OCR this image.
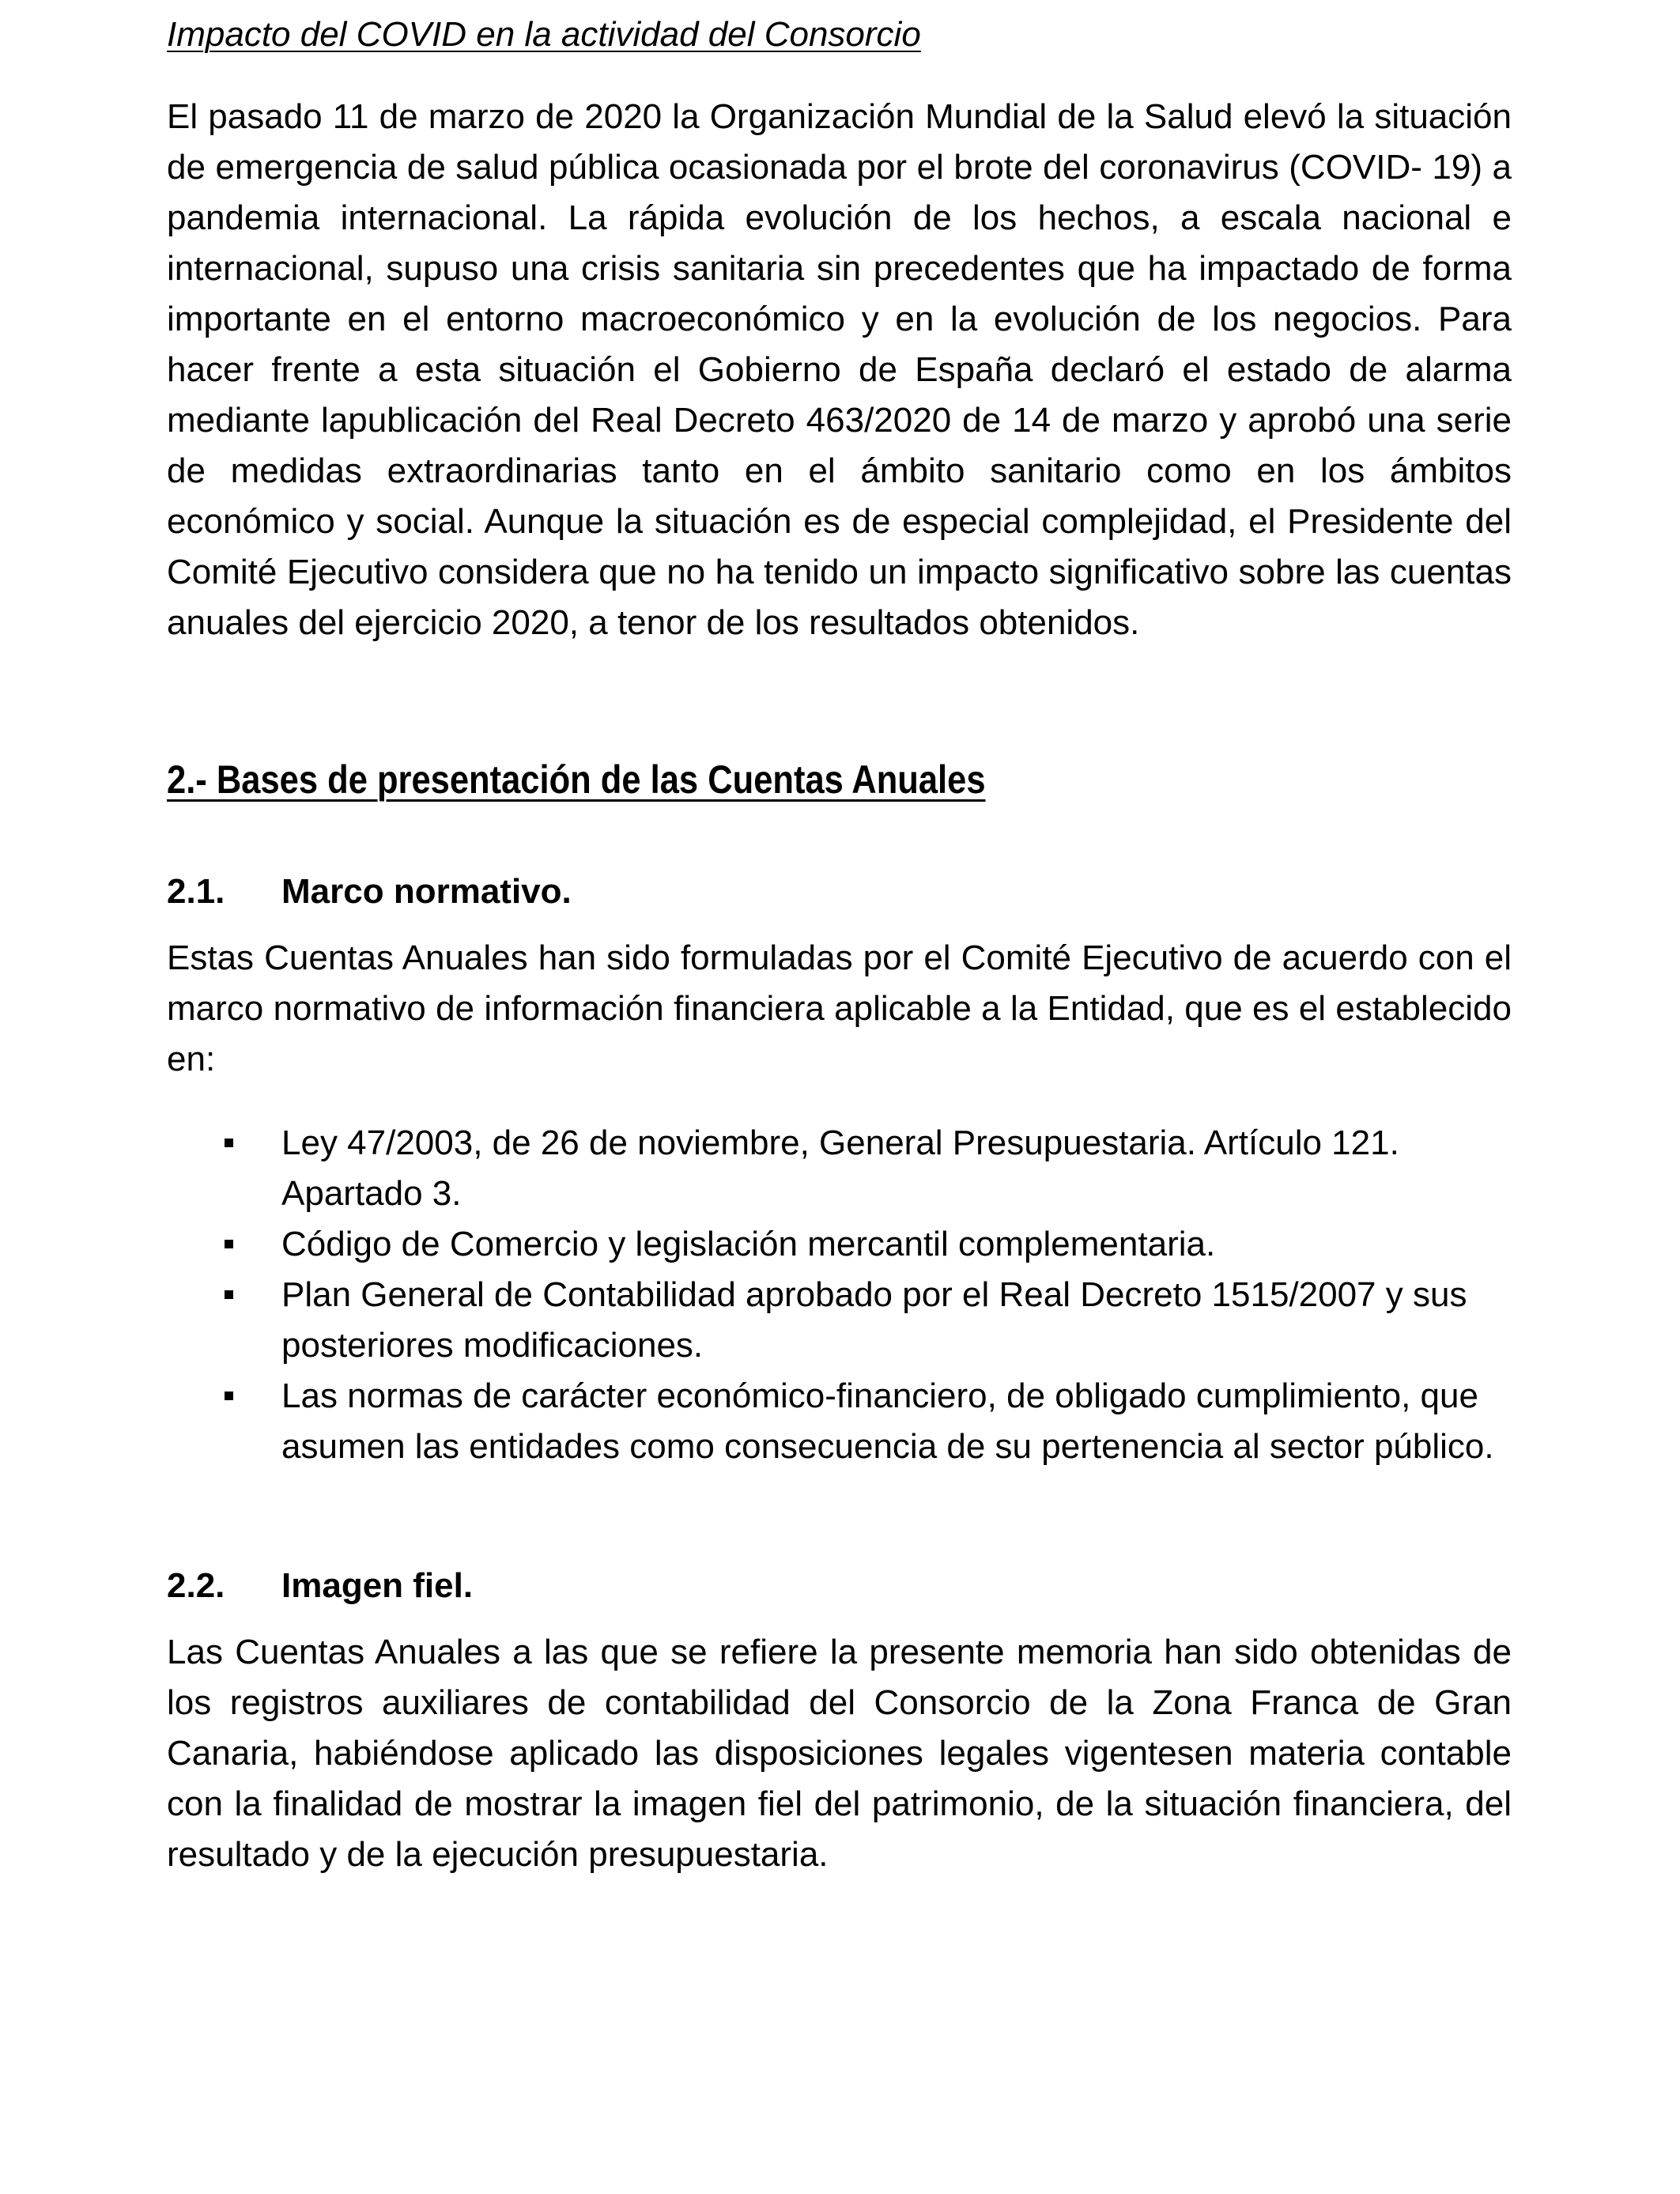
Impacto del COVID en la actividad del Consorcio

El pasado 11 de marzo de 2020 la Organización Mundial de la Salud elevó la situación de emergencia de salud pública ocasionada por el brote del coronavirus (COVID- 19) a pandemia internacional. La rápida evolución de los hechos, a escala nacional e internacional, supuso una crisis sanitaria sin precedentes que ha impactado de forma importante en el entorno macroeconómico y en la evolución de los negocios. Para hacer frente a esta situación el Gobierno de España declaró el estado de alarma mediante lapublicación del Real Decreto 463/2020 de 14 de marzo y aprobó una serie de medidas extraordinarias tanto en el ámbito sanitario como en los ámbitos económico y social. Aunque la situación es de especial complejidad, el Presidente del Comité Ejecutivo considera que no ha tenido un impacto significativo sobre las cuentas anuales del ejercicio 2020, a tenor de los resultados obtenidos.

2.- Bases de presentación de las Cuentas Anuales
2.1.	Marco normativo.

Estas Cuentas Anuales han sido formuladas por el Comité Ejecutivo de acuerdo con el marco normativo de información financiera aplicable a la Entidad, que es el establecido en:

Ley 47/2003, de 26 de noviembre, General Presupuestaria. Artículo 121. Apartado 3.
Código de Comercio y legislación mercantil complementaria.
Plan General de Contabilidad aprobado por el Real Decreto 1515/2007 y sus posteriores modificaciones.
Las normas de carácter económico-financiero, de obligado cumplimiento, que asumen las entidades como consecuencia de su pertenencia al sector público.
2.2.	Imagen fiel.

Las Cuentas Anuales a las que se refiere la presente memoria han sido obtenidas de los registros auxiliares de contabilidad del Consorcio de la Zona Franca de Gran Canaria, habiéndose aplicado las disposiciones legales vigentesen materia contable con la finalidad de mostrar la imagen fiel del patrimonio, de la situación financiera, del resultado y de la ejecución presupuestaria.
